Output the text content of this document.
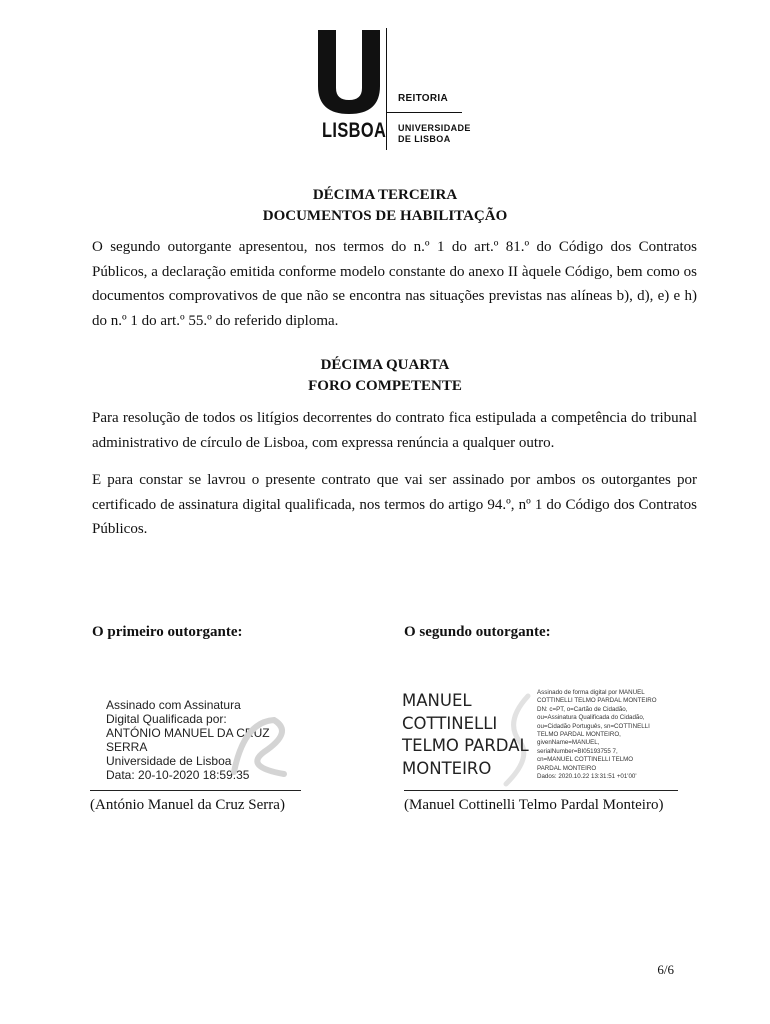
LISBOA
REITORIA
UNIVERSIDADE
DE LISBOA
DÉCIMA TERCEIRA
DOCUMENTOS DE HABILITAÇÃO
O segundo outorgante apresentou, nos termos do n.º 1 do art.º 81.º do Código dos Contratos Públicos, a declaração emitida conforme modelo constante do anexo II àquele Código, bem como os documentos comprovativos de que não se encontra nas situações previstas nas alíneas b), d), e) e h) do n.º 1 do art.º 55.º do referido diploma.
DÉCIMA QUARTA
FORO COMPETENTE
Para resolução de todos os litígios decorrentes do contrato fica estipulada a competência do tribunal administrativo de círculo de Lisboa, com expressa renúncia a qualquer outro.
E para constar se lavrou o presente contrato que vai ser assinado por ambos os outorgantes por certificado de assinatura digital qualificada, nos termos do artigo 94.º, nº 1 do Código dos Contratos Públicos.
O primeiro outorgante:
Assinado com Assinatura
Digital Qualificada por:
ANTÓNIO MANUEL DA CRUZ
SERRA
Universidade de Lisboa
Data: 20-10-2020 18:59:35
(António Manuel da Cruz Serra)
O segundo outorgante:
MANUEL
COTTINELLI
TELMO PARDAL
MONTEIRO
Assinado de forma digital por MANUEL
COTTINELLI TELMO PARDAL MONTEIRO
DN: c=PT, o=Cartão de Cidadão,
ou=Assinatura Qualificada do Cidadão,
ou=Cidadão Português, sn=COTTINELLI
TELMO PARDAL MONTEIRO,
givenName=MANUEL,
serialNumber=BI05193755 7,
cn=MANUEL COTTINELLI TELMO
PARDAL MONTEIRO
Dados: 2020.10.22 13:31:51 +01'00'
(Manuel Cottinelli Telmo Pardal Monteiro)
6/6
